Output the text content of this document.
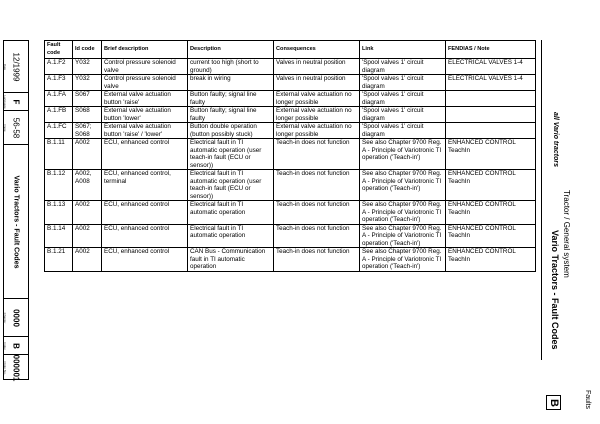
Date 12/1999
Language F
Page 56-58
Vario Tractors - Fault Codes
Chapter 0000
Index B
Order No. 000001
Fault code	Id code	Brief description	Description	Consequences	Link	FENDIAS / Note
A.1.F2	Y032	Control pressure solenoid valve	current too high (short to ground)	Valves in neutral position	'Spool valves 1' circuit diagram	ELECTRICAL VALVES 1-4
A.1.F3	Y032	Control pressure solenoid valve	break in wiring	Valves in neutral position	'Spool valves 1' circuit diagram	ELECTRICAL VALVES 1-4
A.1.FA	S067	External valve actuation button 'raise'	Button faulty; signal line faulty	External valve actuation no longer possible	'Spool valves 1' circuit diagram	
A.1.FB	S068	External valve actuation button 'lower'	Button faulty; signal line faulty	External valve actuation no longer possible	'Spool valves 1' circuit diagram	
A.1.FC	S067; S068	External valve actuation button 'raise' / 'lower'	Button double operation (button possibly stuck)	External valve actuation no longer possible	'Spool valves 1' circuit diagram	
B.1.11	A002	ECU, enhanced control	Electrical fault in TI automatic operation (user teach-in fault (ECU or sensor))	Teach-in does not function	See also Chapter 9700 Reg. A - Principle of Variotronic TI operation ('Teach-in')	ENHANCED CONTROL TeachIn
B.1.12	A002, A008	ECU, enhanced control, terminal	Electrical fault in TI automatic operation (user teach-in fault (ECU or sensor))	Teach-in does not function	See also Chapter 9700 Reg. A - Principle of Variotronic TI operation ('Teach-in')	ENHANCED CONTROL TeachIn
B.1.13	A002	ECU, enhanced control	Electrical fault in TI automatic operation	Teach-in does not function	See also Chapter 9700 Reg. A - Principle of Variotronic TI operation ('Teach-in')	ENHANCED CONTROL TeachIn
B.1.14	A002	ECU, enhanced control	Electrical fault in TI automatic operation	Teach-in does not function	See also Chapter 9700 Reg. A - Principle of Variotronic TI operation ('Teach-in')	ENHANCED CONTROL TeachIn
B.1.21	A002	ECU, enhanced control	CAN Bus - Communication fault in TI automatic operation	Teach-in does not function	See also Chapter 9700 Reg. A - Principle of Variotronic TI operation ('Teach-in')	ENHANCED CONTROL TeachIn
all Vario tractors
Tractor / General system
Vario Tractors - Fault Codes
B	Faults
